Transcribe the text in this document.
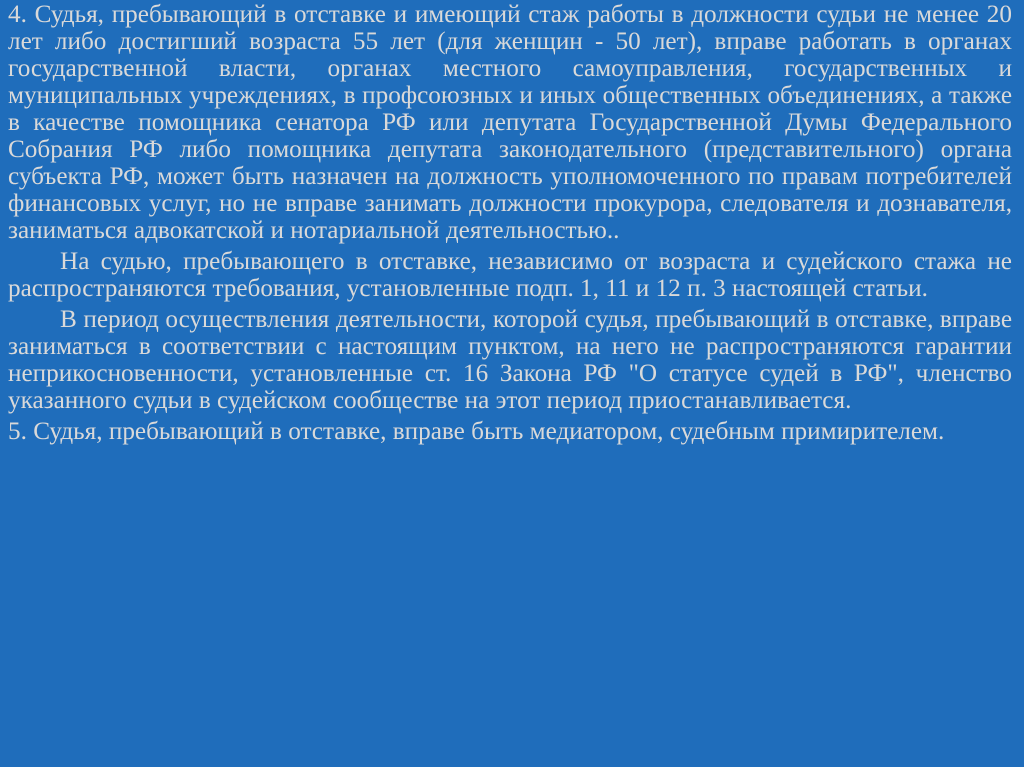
4. Судья, пребывающий в отставке и имеющий стаж работы в должности судьи не менее 20 лет либо достигший возраста 55 лет (для женщин - 50 лет), вправе работать в органах государственной власти, органах местного самоуправления, государственных и муниципальных учреждениях, в профсоюзных и иных общественных объединениях, а также в качестве помощника сенатора РФ или депутата Государственной Думы Федерального Собрания РФ либо помощника депутата законодательного (представительного) органа субъекта РФ, может быть назначен на должность уполномоченного по правам потребителей финансовых услуг, но не вправе занимать должности прокурора, следователя и дознавателя, заниматься адвокатской и нотариальной деятельностью..

На судью, пребывающего в отставке, независимо от возраста и судейского стажа не распространяются требования, установленные подп. 1, 11 и 12 п. 3 настоящей статьи.

В период осуществления деятельности, которой судья, пребывающий в отставке, вправе заниматься в соответствии с настоящим пунктом, на него не распространяются гарантии неприкосновенности, установленные ст. 16 Закона РФ "О статусе судей в РФ", членство указанного судьи в судейском сообществе на этот период приостанавливается.

5. Судья, пребывающий в отставке, вправе быть медиатором, судебным примирителем.
